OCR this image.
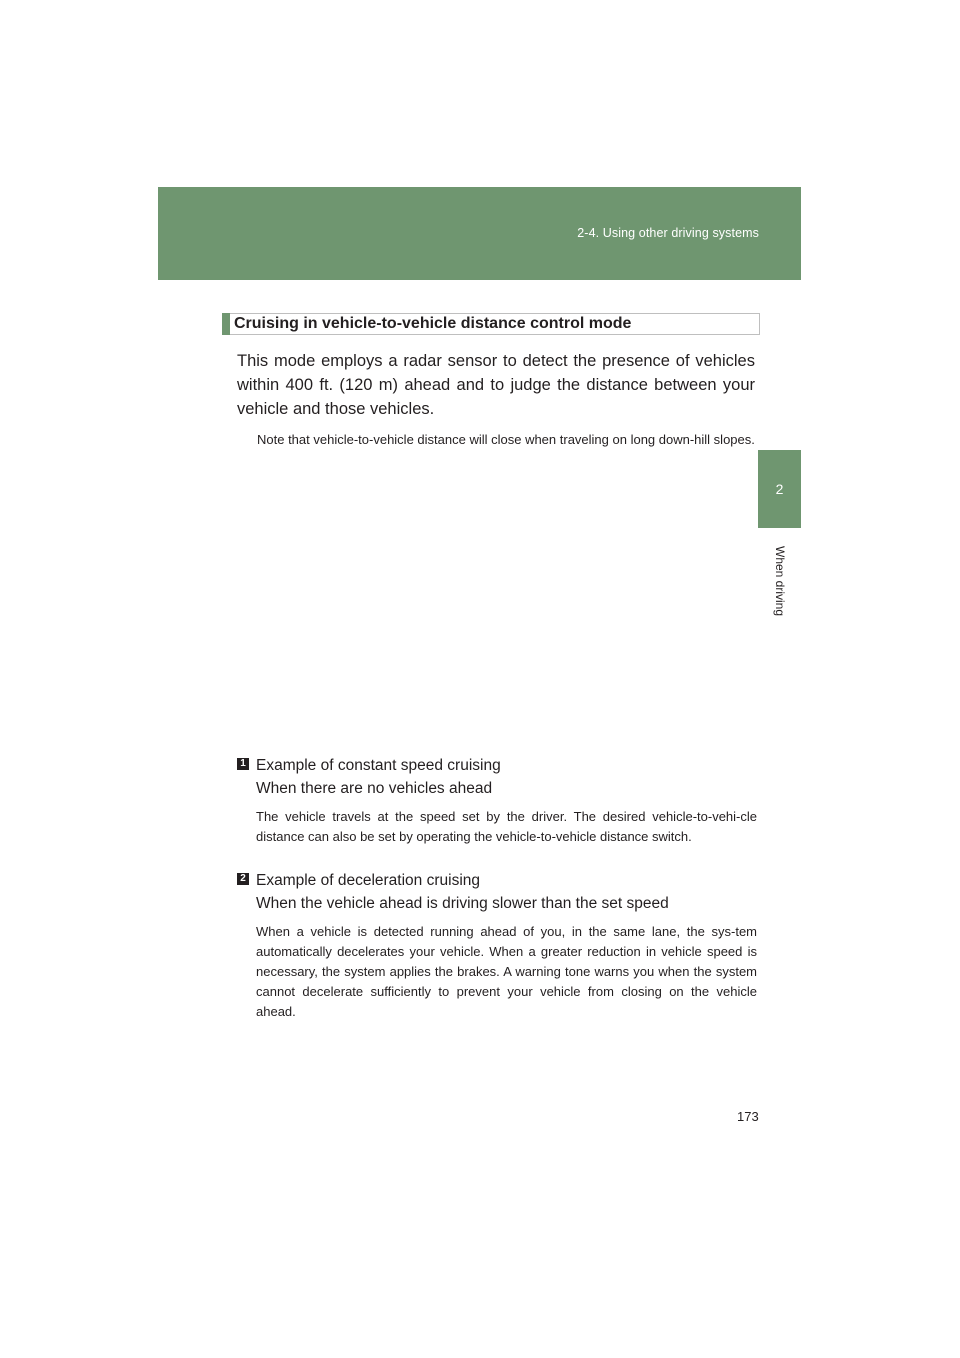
2-4. Using other driving systems
2
When driving
Cruising in vehicle-to-vehicle distance control mode

This mode employs a radar sensor to detect the presence of vehicles within 400 ft. (120 m) ahead and to judge the distance between your vehicle and those vehicles.

Note that vehicle-to-vehicle distance will close when traveling on long down-hill slopes.

1 Example of constant speed cruising
When there are no vehicles ahead

The vehicle travels at the speed set by the driver. The desired vehicle-to-vehi-cle distance can also be set by operating the vehicle-to-vehicle distance switch.

2 Example of deceleration cruising
When the vehicle ahead is driving slower than the set speed

When a vehicle is detected running ahead of you, in the same lane, the sys-tem automatically decelerates your vehicle. When a greater reduction in vehicle speed is necessary, the system applies the brakes. A warning tone warns you when the system cannot decelerate sufficiently to prevent your vehicle from closing on the vehicle ahead.

173
